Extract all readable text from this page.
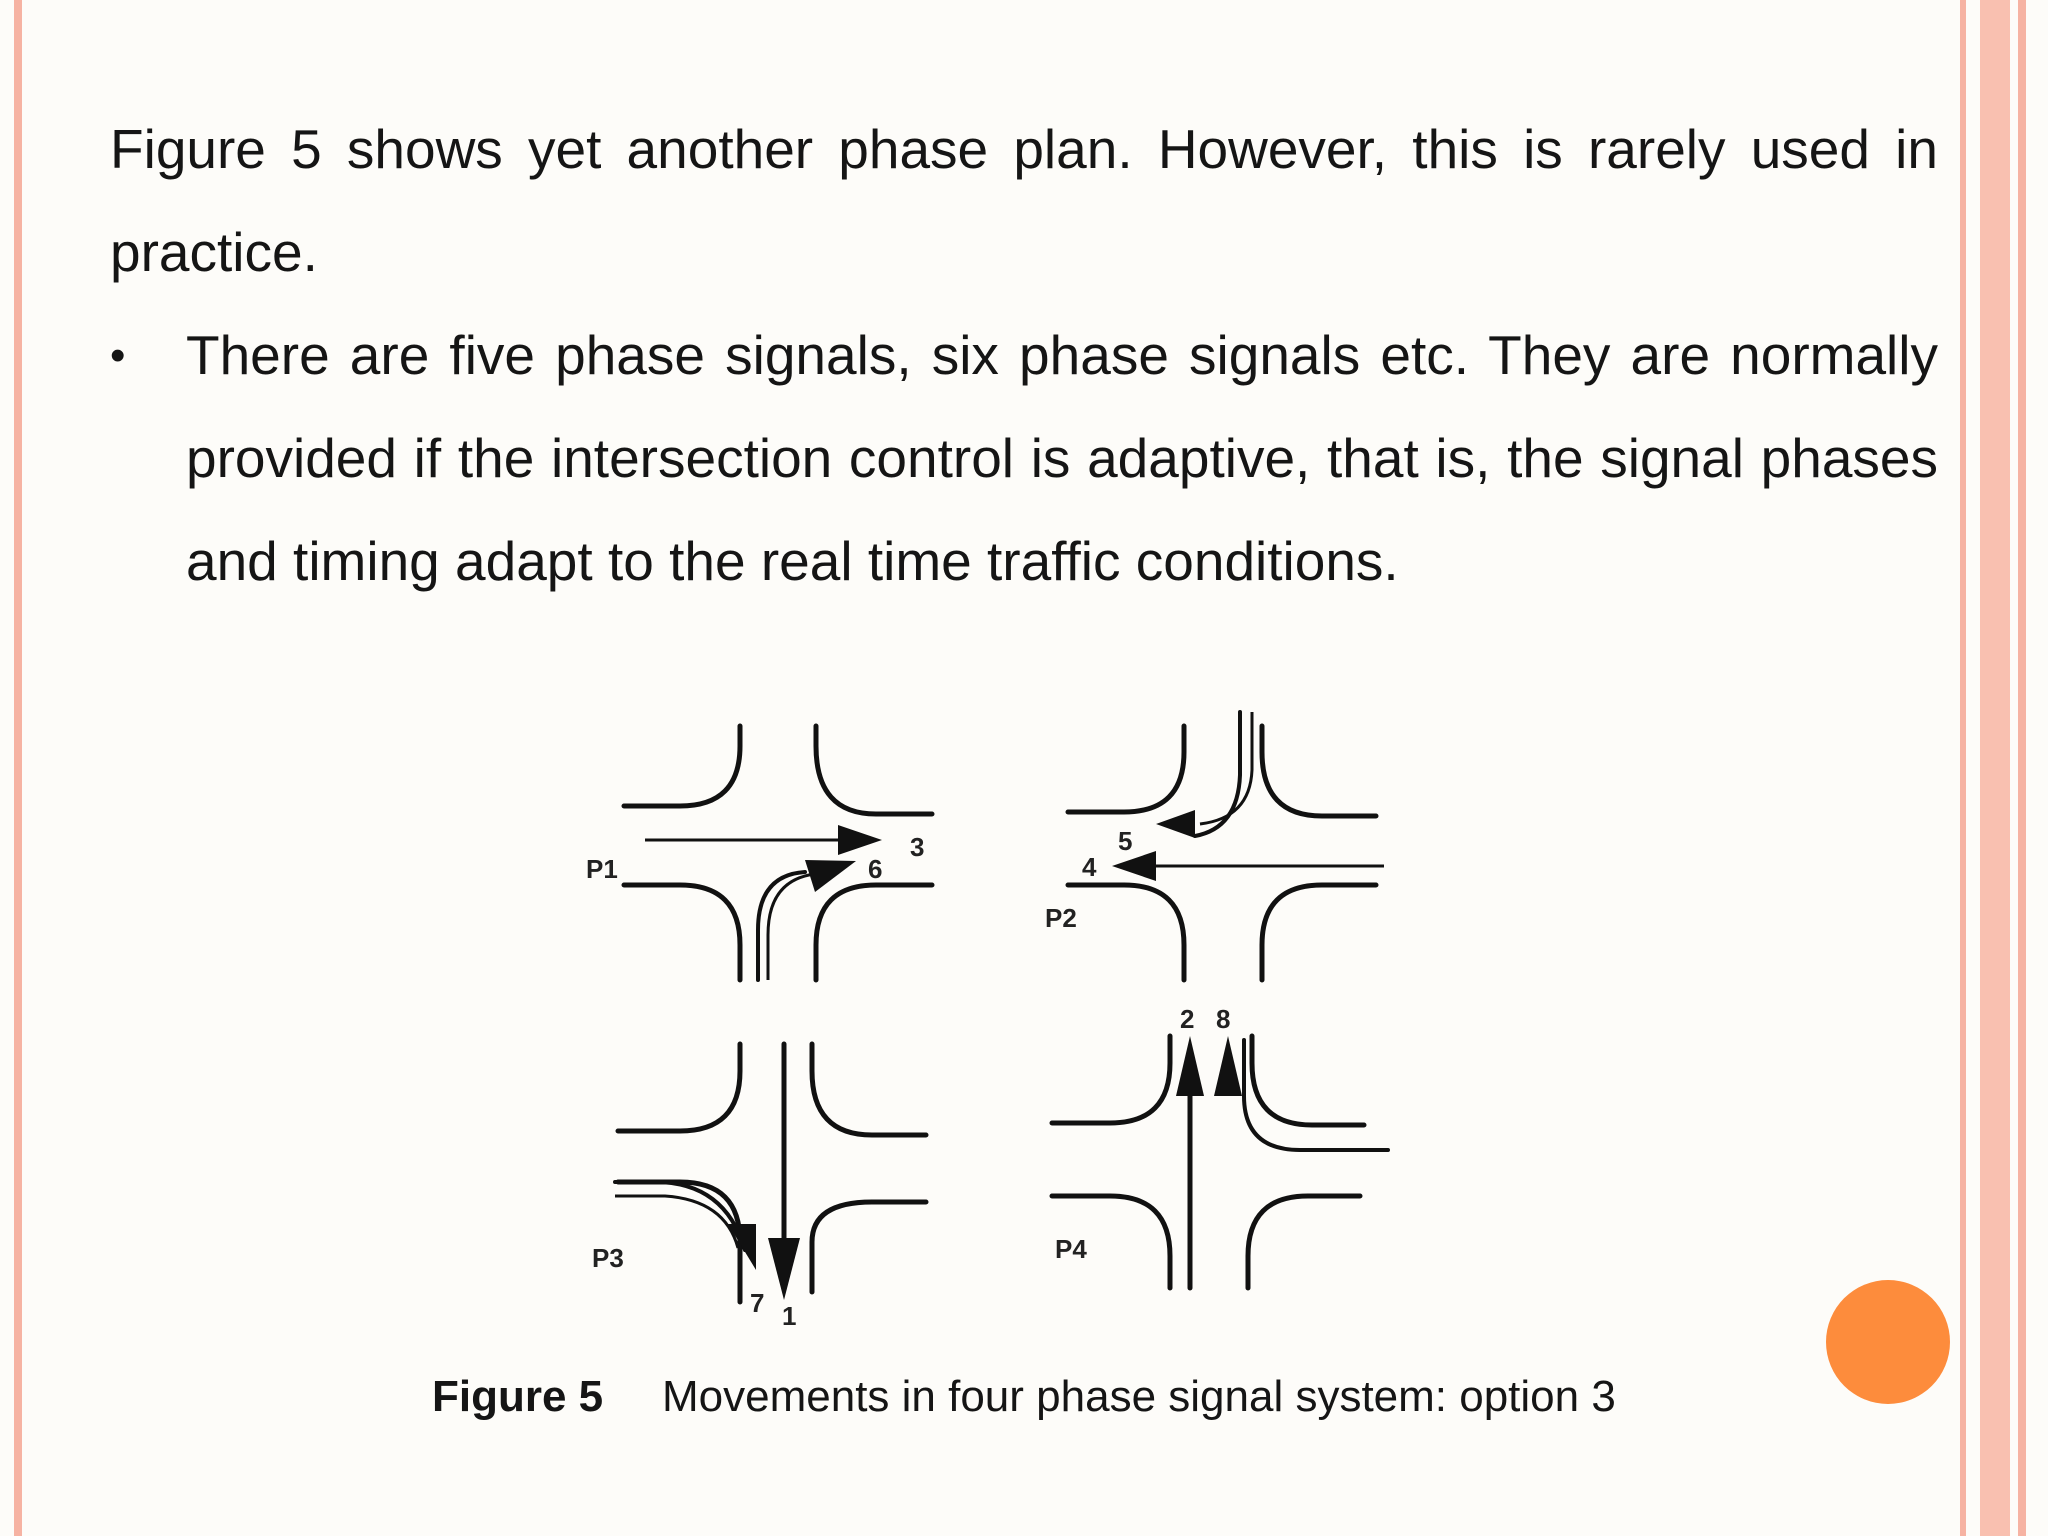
Figure 5 shows yet another phase plan. However, this is rarely used in practice.

• There are five phase signals, six phase signals etc. They are normally provided if the intersection control is adaptive, that is, the signal phases and timing adapt to the real time traffic conditions.

P1
3
6
P2
4
5
P3
7 1
P4
2 8
Figure 5 Movements in four phase signal system: option 3
